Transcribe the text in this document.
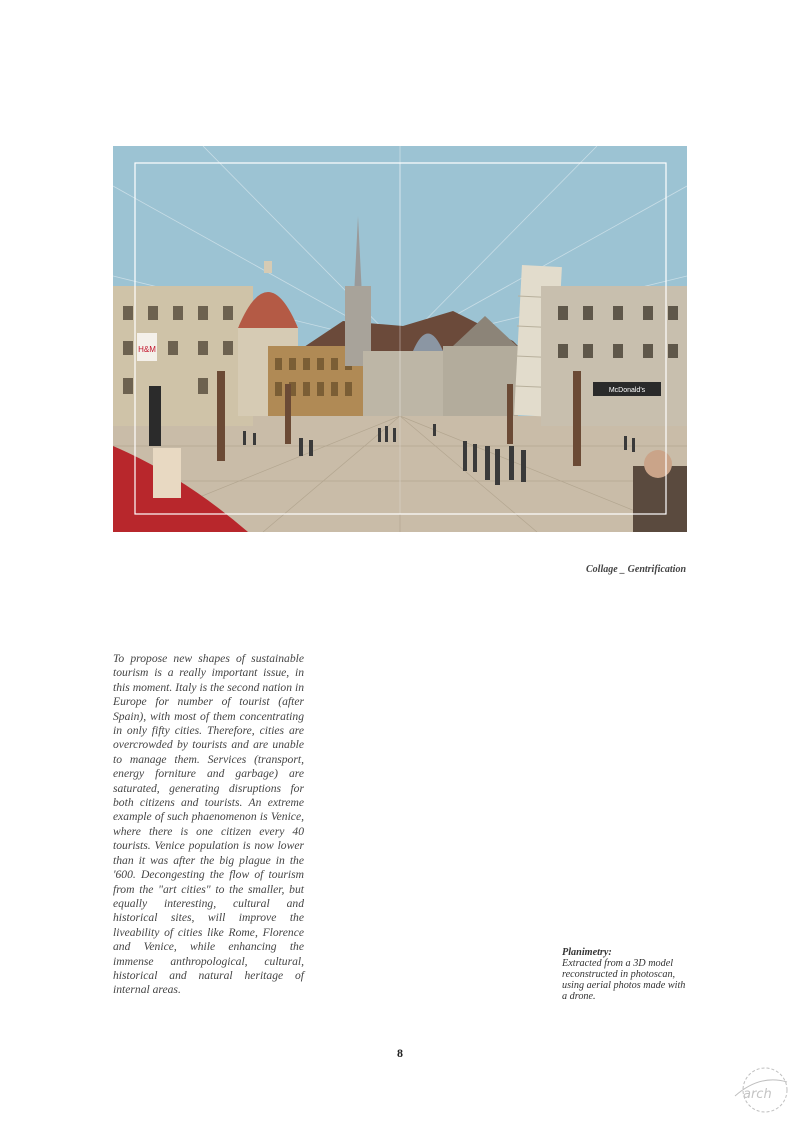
H&M
McDonald's
Collage _ Gentrification
To propose new shapes of sustainable tourism is a really important issue, in this moment. Italy is the second nation in Europe for number of tourist (after Spain), with most of them concentrating in only fifty cities. Therefore, cities are overcrowded by tourists and are unable to manage them. Services (transport, energy forniture and garbage) are saturated, generating disruptions for both citizens and tourists. An extreme example of such phaenomenon is Venice, where there is one citizen every 40 tourists. Venice population is now lower than it was after the big plague in the '600. Decongesting the flow of tourism from the "art cities" to the smaller, but equally interesting, cultural and historical sites, will improve the liveability of cities like Rome, Florence and Venice, while enhancing the immense anthropological, cultural, historical and natural heritage of internal areas.
Planimetry:
Extracted from a 3D model reconstructed in photoscan, using aerial photos made with a drone.
8
arch
